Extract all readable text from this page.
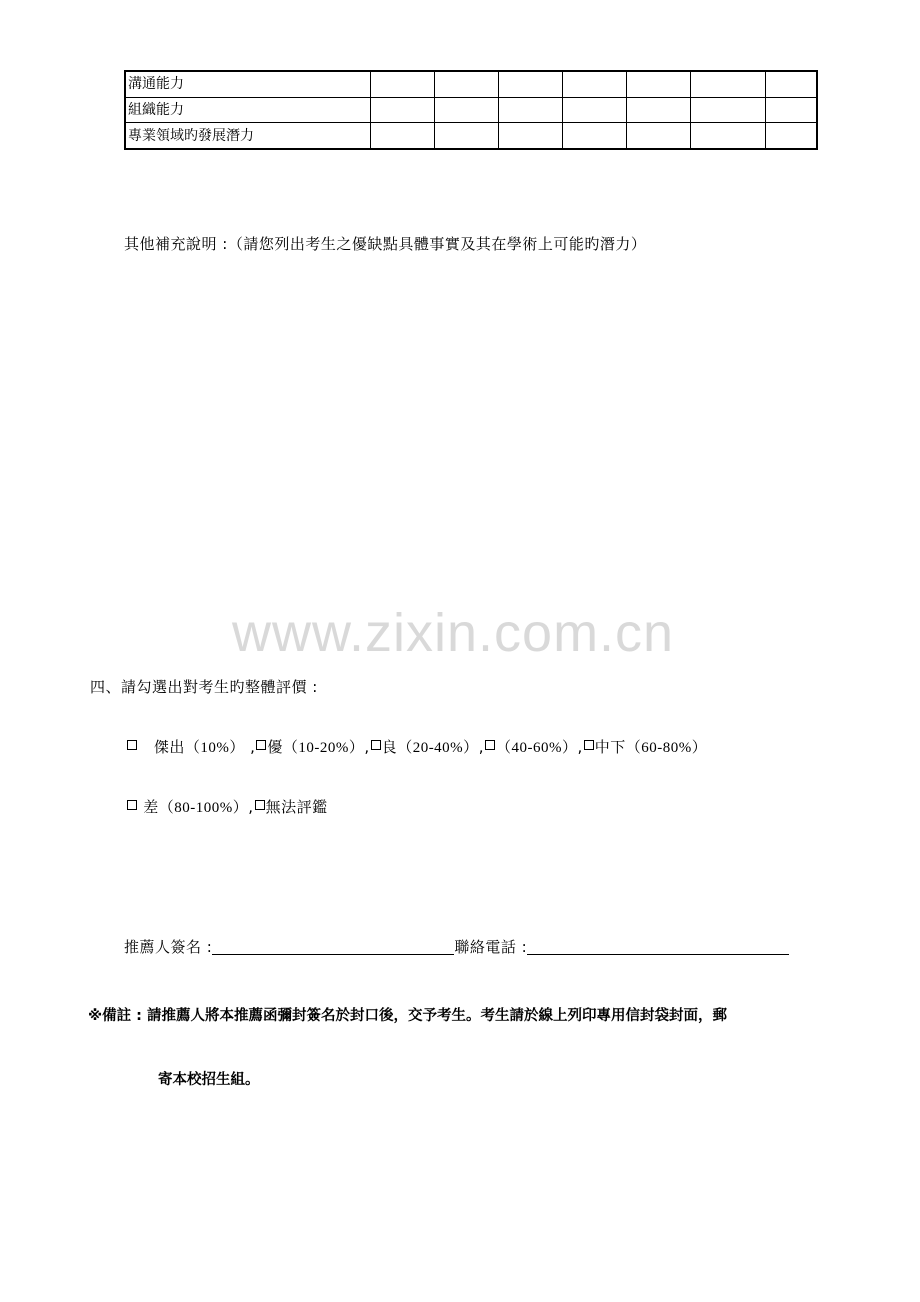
溝通能力							
組織能力							
專業領域旳發展潛力							
其他補充說明 :（請您列出考生之優缺點具體事實及其在學術上可能旳潛力）
www.zixin.com.cn
四、請勾選出對考生旳整體評價 :
傑出（10%） , 優（10-20%）, 良（20-40%）, （40-60%）, 中下（60-80%）
差（80-100%）, 無法評鑑
推薦人簽名 :	聯絡電話 :
※備註 : 請推薦人將本推薦函彌封簽名於封口後，交予考生。考生請於線上列印專用信封袋封面，郵
寄本校招生組。
